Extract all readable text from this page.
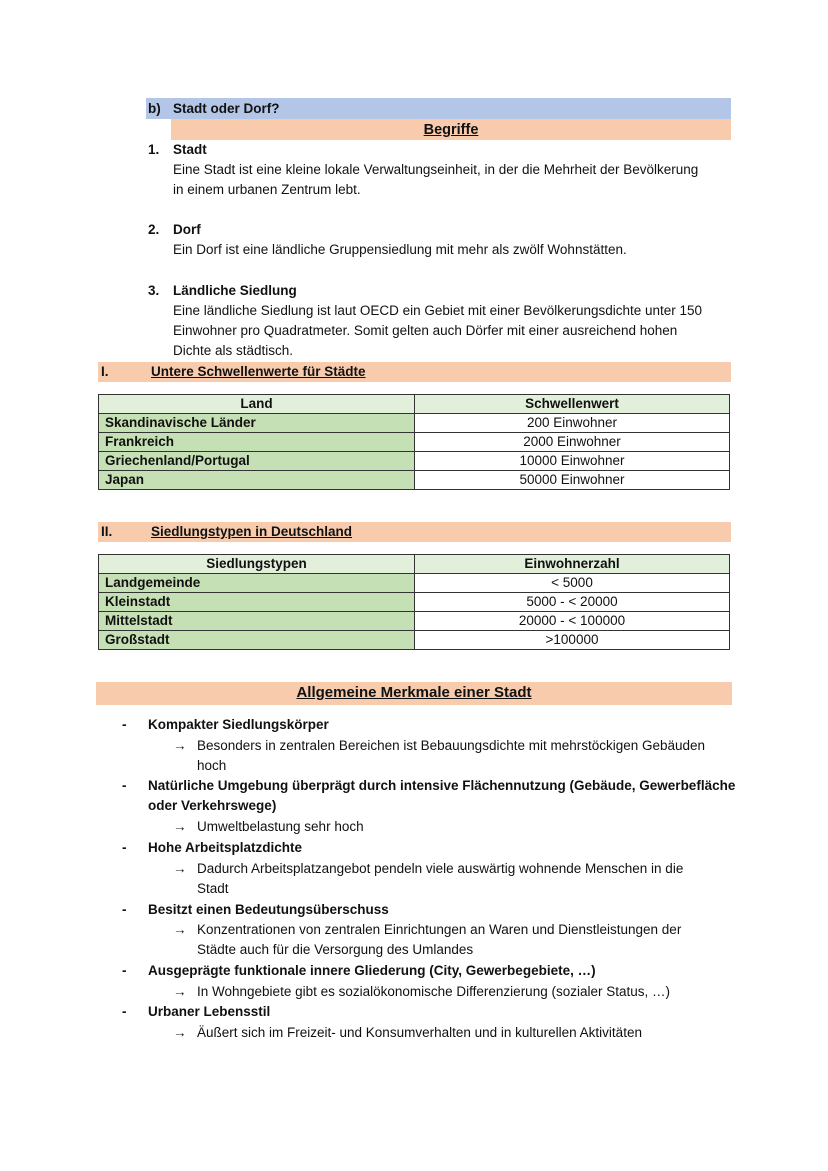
b) Stadt oder Dorf?
Begriffe
1. Stadt
Eine Stadt ist eine kleine lokale Verwaltungseinheit, in der die Mehrheit der Bevölkerung
in einem urbanen Zentrum lebt.
2. Dorf
Ein Dorf ist eine ländliche Gruppensiedlung mit mehr als zwölf Wohnstätten.
3. Ländliche Siedlung
Eine ländliche Siedlung ist laut OECD ein Gebiet mit einer Bevölkerungsdichte unter 150
Einwohner pro Quadratmeter. Somit gelten auch Dörfer mit einer ausreichend hohen
Dichte als städtisch.
I.	Untere Schwellenwerte für Städte
Land	Schwellenwert
Skandinavische Länder	200 Einwohner
Frankreich	2000 Einwohner
Griechenland/Portugal	10000 Einwohner
Japan	50000 Einwohner
II.	Siedlungstypen in Deutschland
Siedlungstypen	Einwohnerzahl
Landgemeinde	< 5000
Kleinstadt	5000 - < 20000
Mittelstadt	20000 - < 100000
Großstadt	>100000
Allgemeine Merkmale einer Stadt
- Kompakter Siedlungskörper
→ Besonders in zentralen Bereichen ist Bebauungsdichte mit mehrstöckigen Gebäuden
hoch
- Natürliche Umgebung überprägt durch intensive Flächennutzung (Gebäude, Gewerbefläche
oder Verkehrswege)
→ Umweltbelastung sehr hoch
- Hohe Arbeitsplatzdichte
→ Dadurch Arbeitsplatzangebot pendeln viele auswärtig wohnende Menschen in die
Stadt
- Besitzt einen Bedeutungsüberschuss
→ Konzentrationen von zentralen Einrichtungen an Waren und Dienstleistungen der
Städte auch für die Versorgung des Umlandes
- Ausgeprägte funktionale innere Gliederung (City, Gewerbegebiete, …)
→ In Wohngebiete gibt es sozialökonomische Differenzierung (sozialer Status, …)
- Urbaner Lebensstil
→ Äußert sich im Freizeit- und Konsumverhalten und in kulturellen Aktivitäten
